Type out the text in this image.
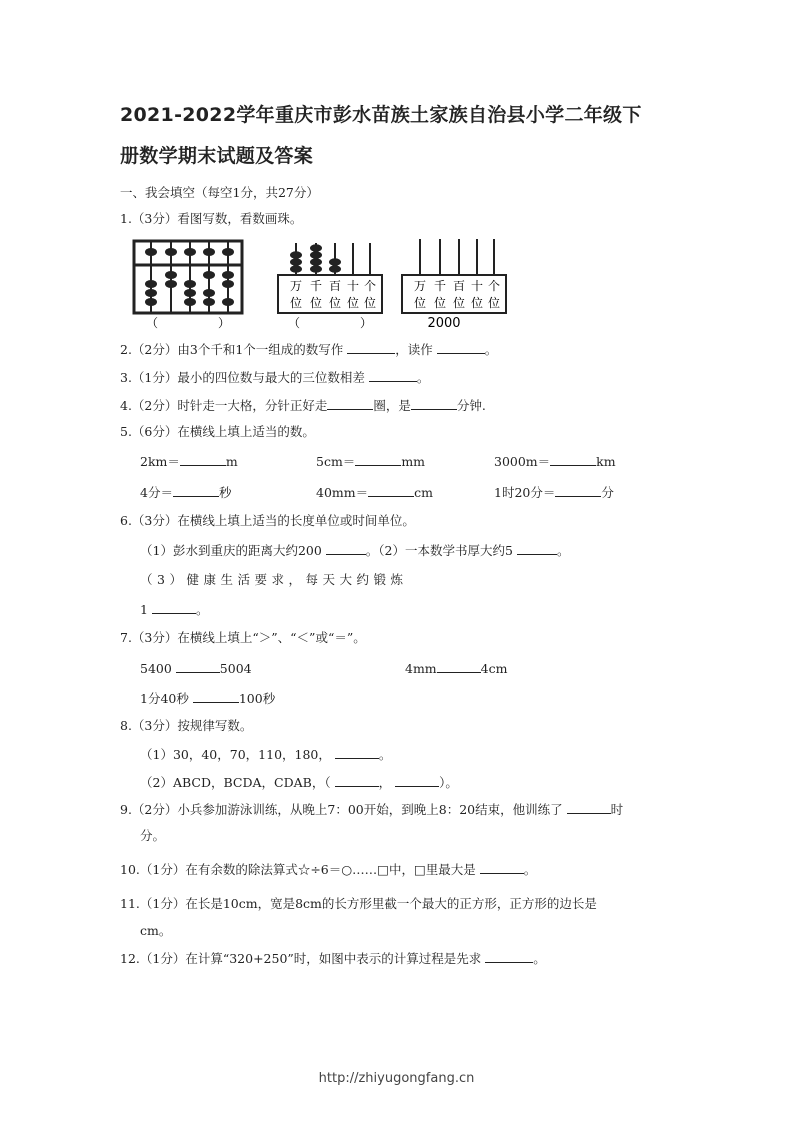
2021-2022学年重庆市彭水苗族土家族自治县小学二年级下
册数学期末试题及答案
一、我会填空（每空1分，共27分）
1.（3分）看图写数，看数画珠。
（　　　　　）
万 千 百 十 个
位 位 位 位 位
（　　　　　）
万 千 百 十 个
位 位 位 位 位
2000
2.（2分）由3个千和1个一组成的数写作	，读作	。
3.（1分）最小的四位数与最大的三位数相差	。
4.（2分）时针走一大格，分针正好走	圈，是	分钟.
5.（6分）在横线上填上适当的数。
2km＝	m	5cm＝	mm	3000m＝	km
4分＝	秒	40mm＝	cm	1时20分＝	分
6.（3分）在横线上填上适当的长度单位或时间单位。
（1）彭水到重庆的距离大约200	。（2）一本数学书厚大约5	。
（3）健康生活要求，每天大约锻炼
1	。
7.（3分）在横线上填上“＞”、“＜”或“＝”。
5400	5004	4mm	4cm
1分40秒	100秒
8.（3分）按规律写数。
（1）30，40，70，110，180，	。
（2）ABCD，BCDA，CDAB，（	，	）。
9.（2分）小兵参加游泳训练，从晚上7：00开始，到晚上8：20结束，他训练了	时
分。
10.（1分）在有余数的除法算式☆÷6＝○……□中，□里最大是	。
11.（1分）在长是10cm，宽是8cm的长方形里截一个最大的正方形，正方形的边长是
cm。
12.（1分）在计算“320+250”时，如图中表示的计算过程是先求	。
http://zhiyugongfang.cn
